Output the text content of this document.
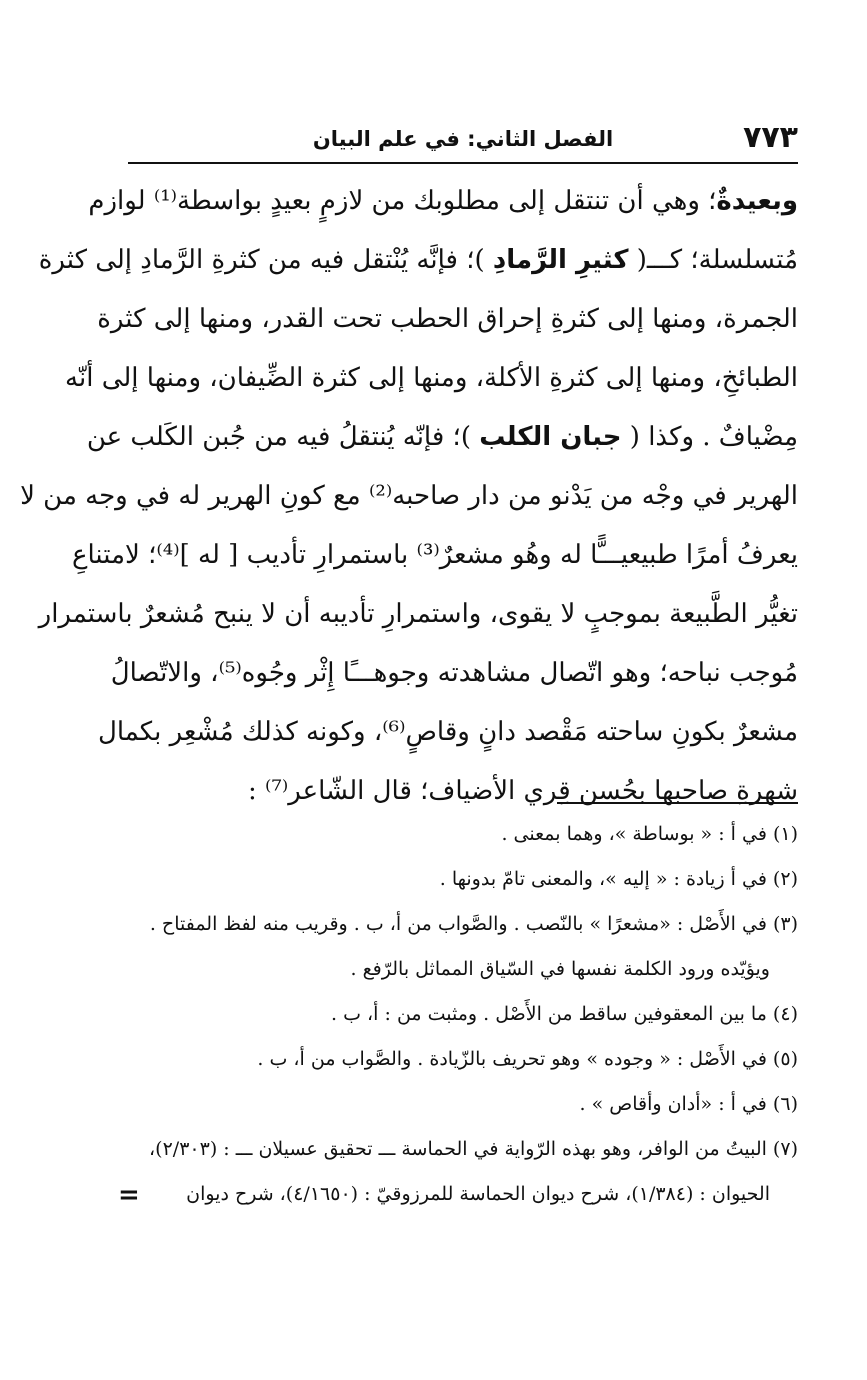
٧٧٣
الفصل الثاني: في علم البيان
وبعيدةٌ؛ وهي أن تنتقل إلى مطلوبك من لازمٍ بعيدٍ بواسطة⁽¹⁾ لوازم
مُتسلسلة؛ كـــ( كثيرِ الرَّمادِ )؛ فإنَّه يُنْتقل فيه من كثرةِ الرَّمادِ إلى كثرة
الجمرة، ومنها إلى كثرةِ إحراق الحطب تحت القدر، ومنها إلى كثرة
الطبائخِ، ومنها إلى كثرةِ الأكلة، ومنها إلى كثرة الضِّيفان، ومنها إلى أنّه
مِضْيافٌ . وكذا ( جبان الكلب )؛ فإنّه يُنتقلُ فيه من جُبن الكَلب عن
الهرير في وجْه من يَدْنو من دار صاحبه⁽²⁾ مع كونِ الهرير له في وجه من لا
يعرفُ أمرًا طبيعيـــًّا له وهُو مشعرٌ⁽³⁾ باستمرارِ تأديب [ له ]⁽⁴⁾؛ لامتناعِ
تغيُّر الطَّبيعة بموجبٍ لا يقوى، واستمرارِ تأديبه أن لا ينبح مُشعرٌ باستمرار
مُوجب نباحه؛ وهو اتّصال مشاهدته وجوهـــًا إِثْر وجُوه⁽⁵⁾، والاتّصالُ
مشعرٌ بكونِ ساحته مَقْصد دانٍ وقاصٍ⁽⁶⁾، وكونه كذلك مُشْعِر بكمال
شهرةِ صاحبها بحُسن قِري الأضياف؛ قال الشّاعر⁽⁷⁾ :
(١) في أ : « بوساطة »، وهما بمعنى .
(٢) في أ زيادة : « إليه »، والمعنى تامّ بدونها .
(٣) في الأَصْل : «مشعرًا » بالنّصب . والصَّواب من أ، ب . وقريب منه لفظ المفتاح .
ويؤيّده ورود الكلمة نفسها في السّياق المماثل بالرّفع .
(٤) ما بين المعقوفين ساقط من الأَصْل . ومثبت من : أ، ب .
(٥) في الأَصْل : « وجوده » وهو تحريف بالزّيادة . والصَّواب من أ، ب .
(٦) في أ : «أدان وأقاص » .
(٧) البيتُ من الوافر، وهو بهذه الرّواية في الحماسة ـــ تحقيق عسيلان ـــ : (٢/٣٠٣)،
الحيوان : (١/٣٨٤)، شرح ديوان الحماسة للمرزوقيّ : (٤/١٦٥٠)، شرح ديوان
=
